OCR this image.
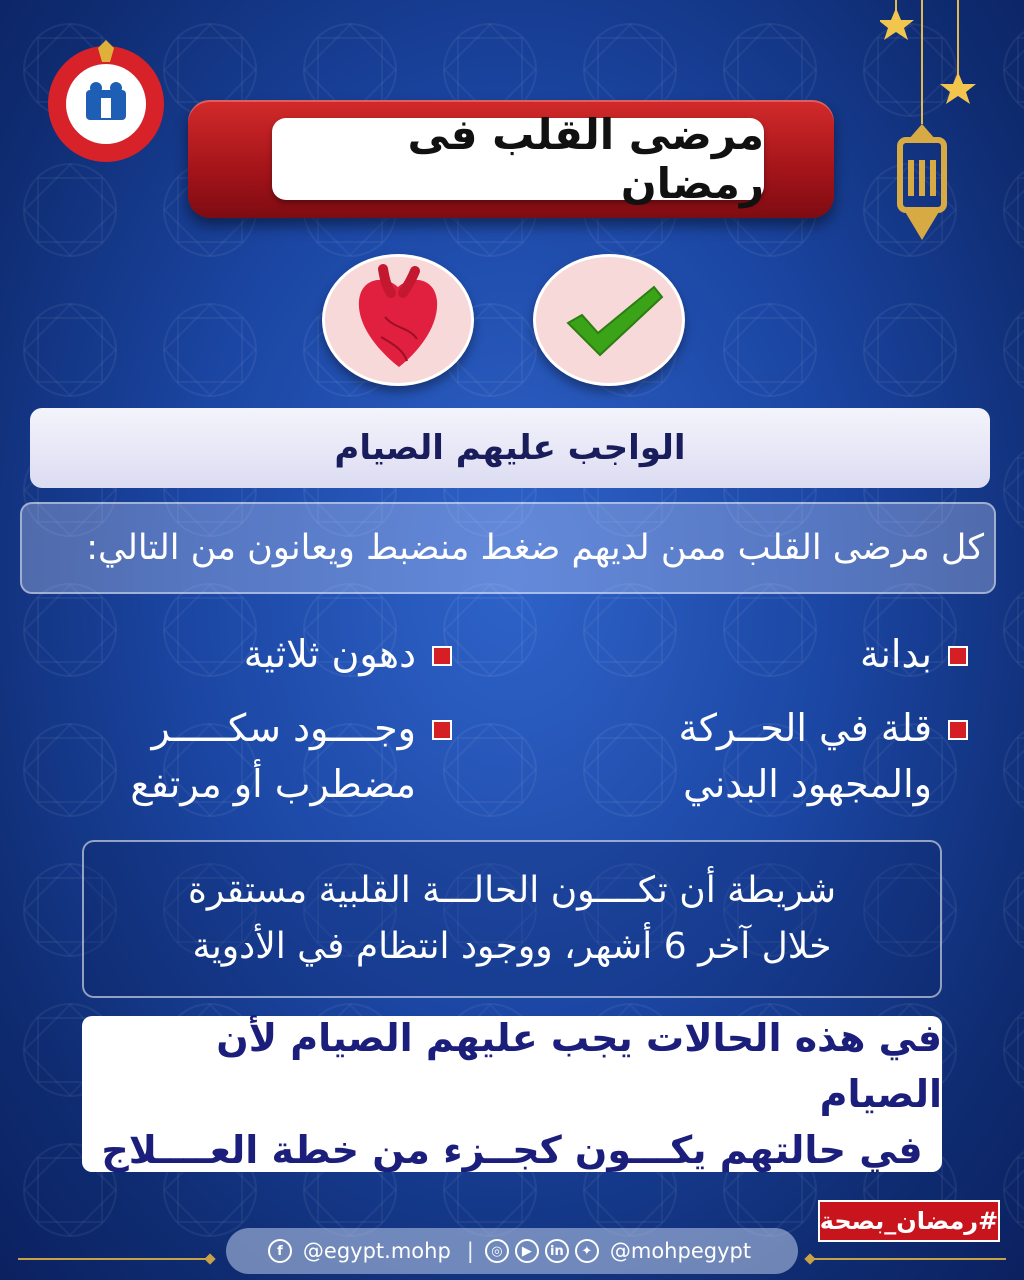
مرضى القلب فى رمضان
الواجب عليهم الصيام
كل مرضى القلب ممن لديهم ضغط منضبط ويعانون من التالي:
بدانة
قلة في الحــركة والمجهود البدني
دهون ثلاثية
وجــــود سكـــــر مضطرب أو مرتفع
شريطة أن تكــــون الحالـــة القلبية مستقرة
خلال آخر 6 أشهر، ووجود انتظام في الأدوية
في هذه الحالات يجب عليهم الصيام لأن الصيام
في حالتهم يكـــون كجــزء من خطة العــــلاج
#رمضان_بصحة
f @egypt.mohp |	◎	▶	in	✦ @mohpegypt
